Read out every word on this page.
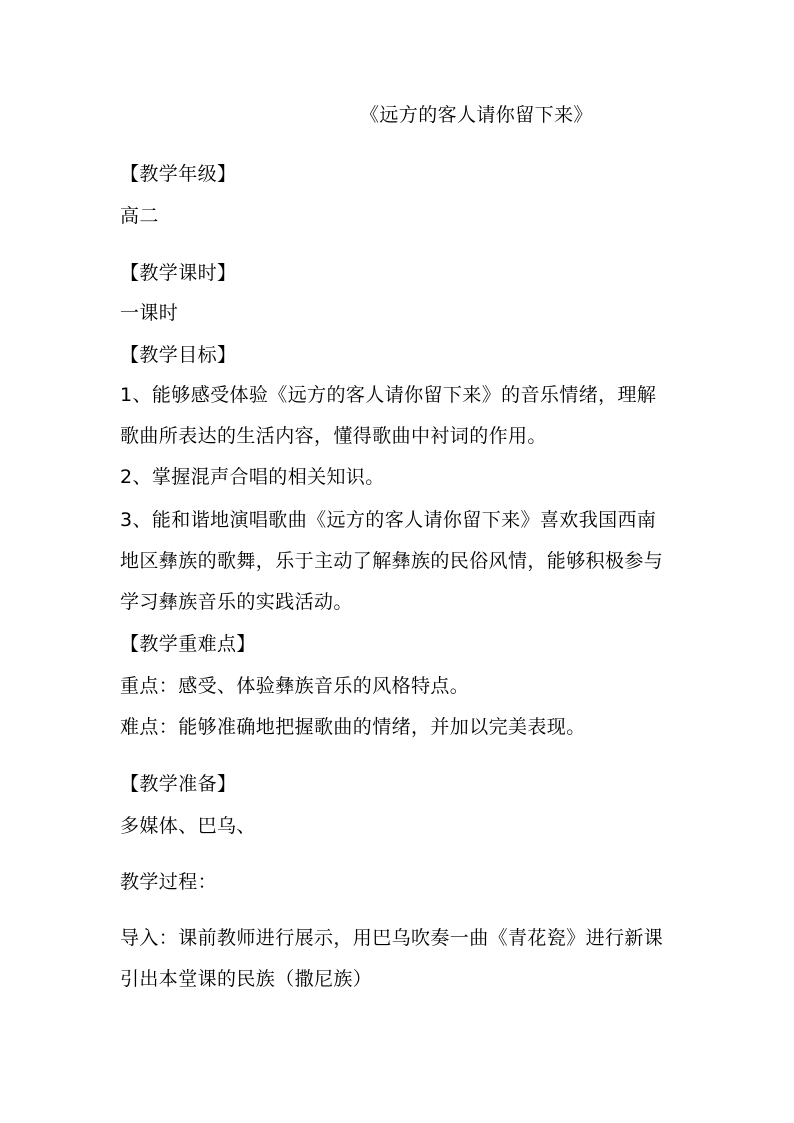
《远方的客人请你留下来》
【教学年级】
高二
【教学课时】
一课时
【教学目标】
1、能够感受体验《远方的客人请你留下来》的音乐情绪，理解
歌曲所表达的生活内容，懂得歌曲中衬词的作用。
2、掌握混声合唱的相关知识。
3、能和谐地演唱歌曲《远方的客人请你留下来》喜欢我国西南
地区彝族的歌舞，乐于主动了解彝族的民俗风情，能够积极参与
学习彝族音乐的实践活动。
【教学重难点】
重点：感受、体验彝族音乐的风格特点。
难点：能够准确地把握歌曲的情绪，并加以完美表现。
【教学准备】
多媒体、巴乌、
教学过程：
导入：课前教师进行展示，用巴乌吹奏一曲《青花瓷》进行新课
引出本堂课的民族（撒尼族）
